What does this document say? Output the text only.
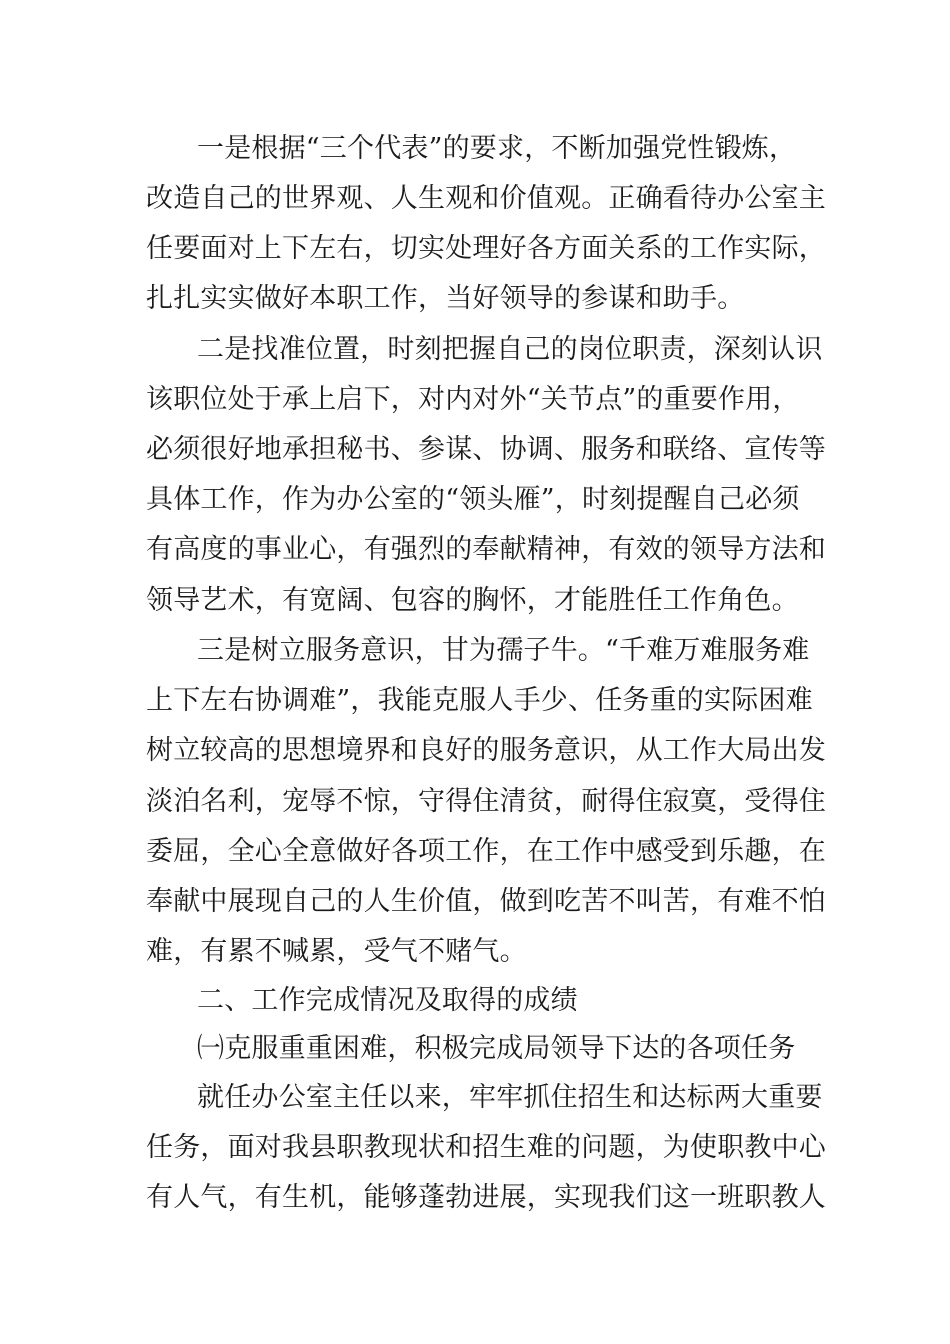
一是根据“三个代表”的要求，不断加强党性锻炼，
改造自己的世界观、人生观和价值观。正确看待办公室主
任要面对上下左右，切实处理好各方面关系的工作实际，
扎扎实实做好本职工作，当好领导的参谋和助手。
二是找准位置，时刻把握自己的岗位职责，深刻认识
该职位处于承上启下，对内对外“关节点”的重要作用，
必须很好地承担秘书、参谋、协调、服务和联络、宣传等
具体工作，作为办公室的“领头雁”，时刻提醒自己必须
有高度的事业心，有强烈的奉献精神，有效的领导方法和
领导艺术，有宽阔、包容的胸怀，才能胜任工作角色。
三是树立服务意识，甘为孺子牛。“千难万难服务难
上下左右协调难”，我能克服人手少、任务重的实际困难
树立较高的思想境界和良好的服务意识，从工作大局出发
淡泊名利，宠辱不惊，守得住清贫，耐得住寂寞，受得住
委屈，全心全意做好各项工作，在工作中感受到乐趣，在
奉献中展现自己的人生价值，做到吃苦不叫苦，有难不怕
难，有累不喊累，受气不赌气。
二、工作完成情况及取得的成绩
㈠克服重重困难，积极完成局领导下达的各项任务
就任办公室主任以来，牢牢抓住招生和达标两大重要
任务，面对我县职教现状和招生难的问题，为使职教中心
有人气，有生机，能够蓬勃进展，实现我们这一班职教人
